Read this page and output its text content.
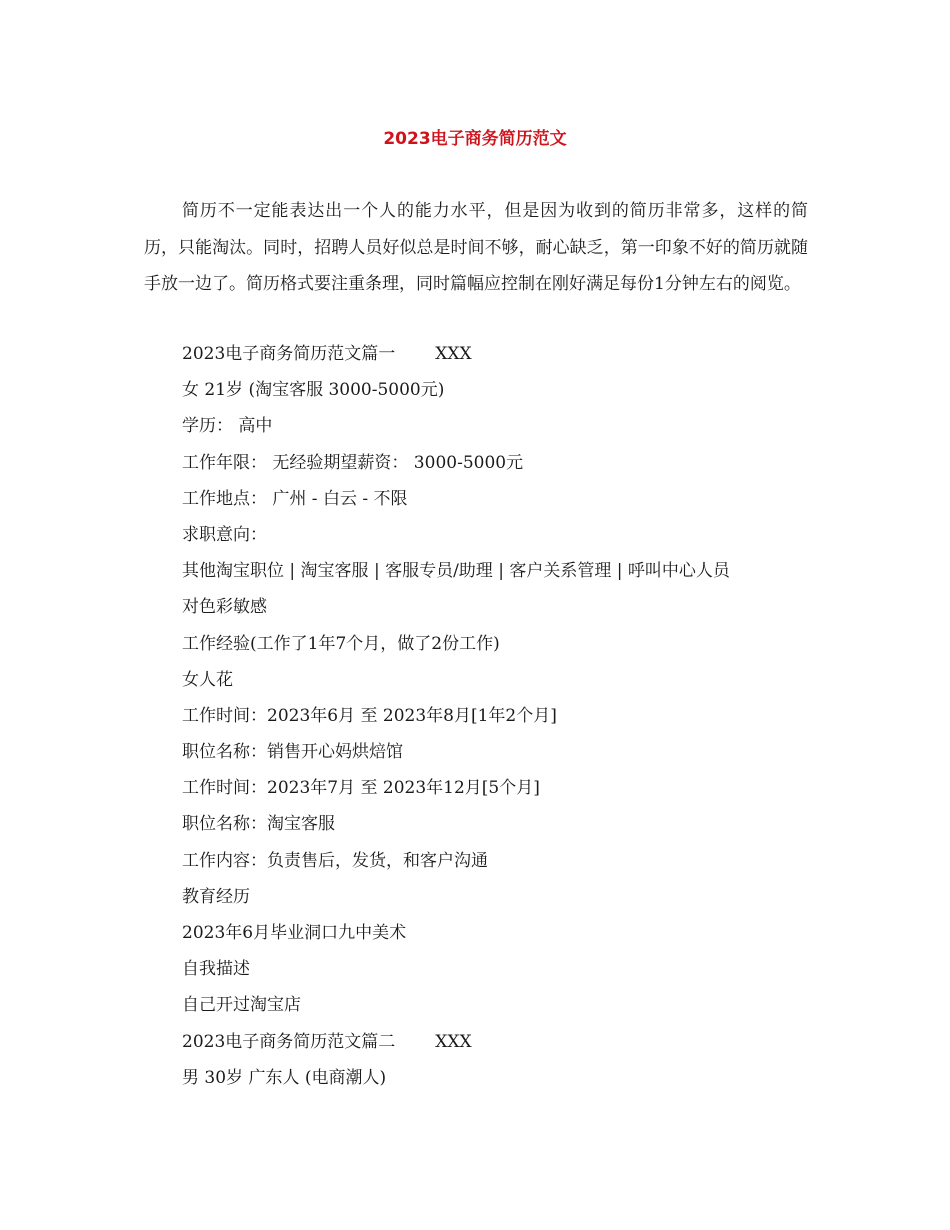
2023电子商务简历范文

简历不一定能表达出一个人的能力水平，但是因为收到的简历非常多，这样的简历，只能淘汰。同时，招聘人员好似总是时间不够，耐心缺乏，第一印象不好的简历就随手放一边了。简历格式要注重条理，同时篇幅应控制在刚好满足每份1分钟左右的阅览。

2023电子商务简历范文篇一 XXX
女 21岁 (淘宝客服 3000-5000元)
学历： 高中
工作年限： 无经验期望薪资： 3000-5000元
工作地点： 广州 - 白云 - 不限
求职意向：
其他淘宝职位 | 淘宝客服 | 客服专员/助理 | 客户关系管理 | 呼叫中心人员
对色彩敏感
工作经验(工作了1年7个月，做了2份工作)
女人花
工作时间：2023年6月 至 2023年8月[1年2个月]
职位名称：销售开心妈烘焙馆
工作时间：2023年7月 至 2023年12月[5个月]
职位名称：淘宝客服
工作内容：负责售后，发货，和客户沟通
教育经历
2023年6月毕业洞口九中美术
自我描述
自己开过淘宝店
2023电子商务简历范文篇二 XXX
男 30岁 广东人 (电商潮人)
